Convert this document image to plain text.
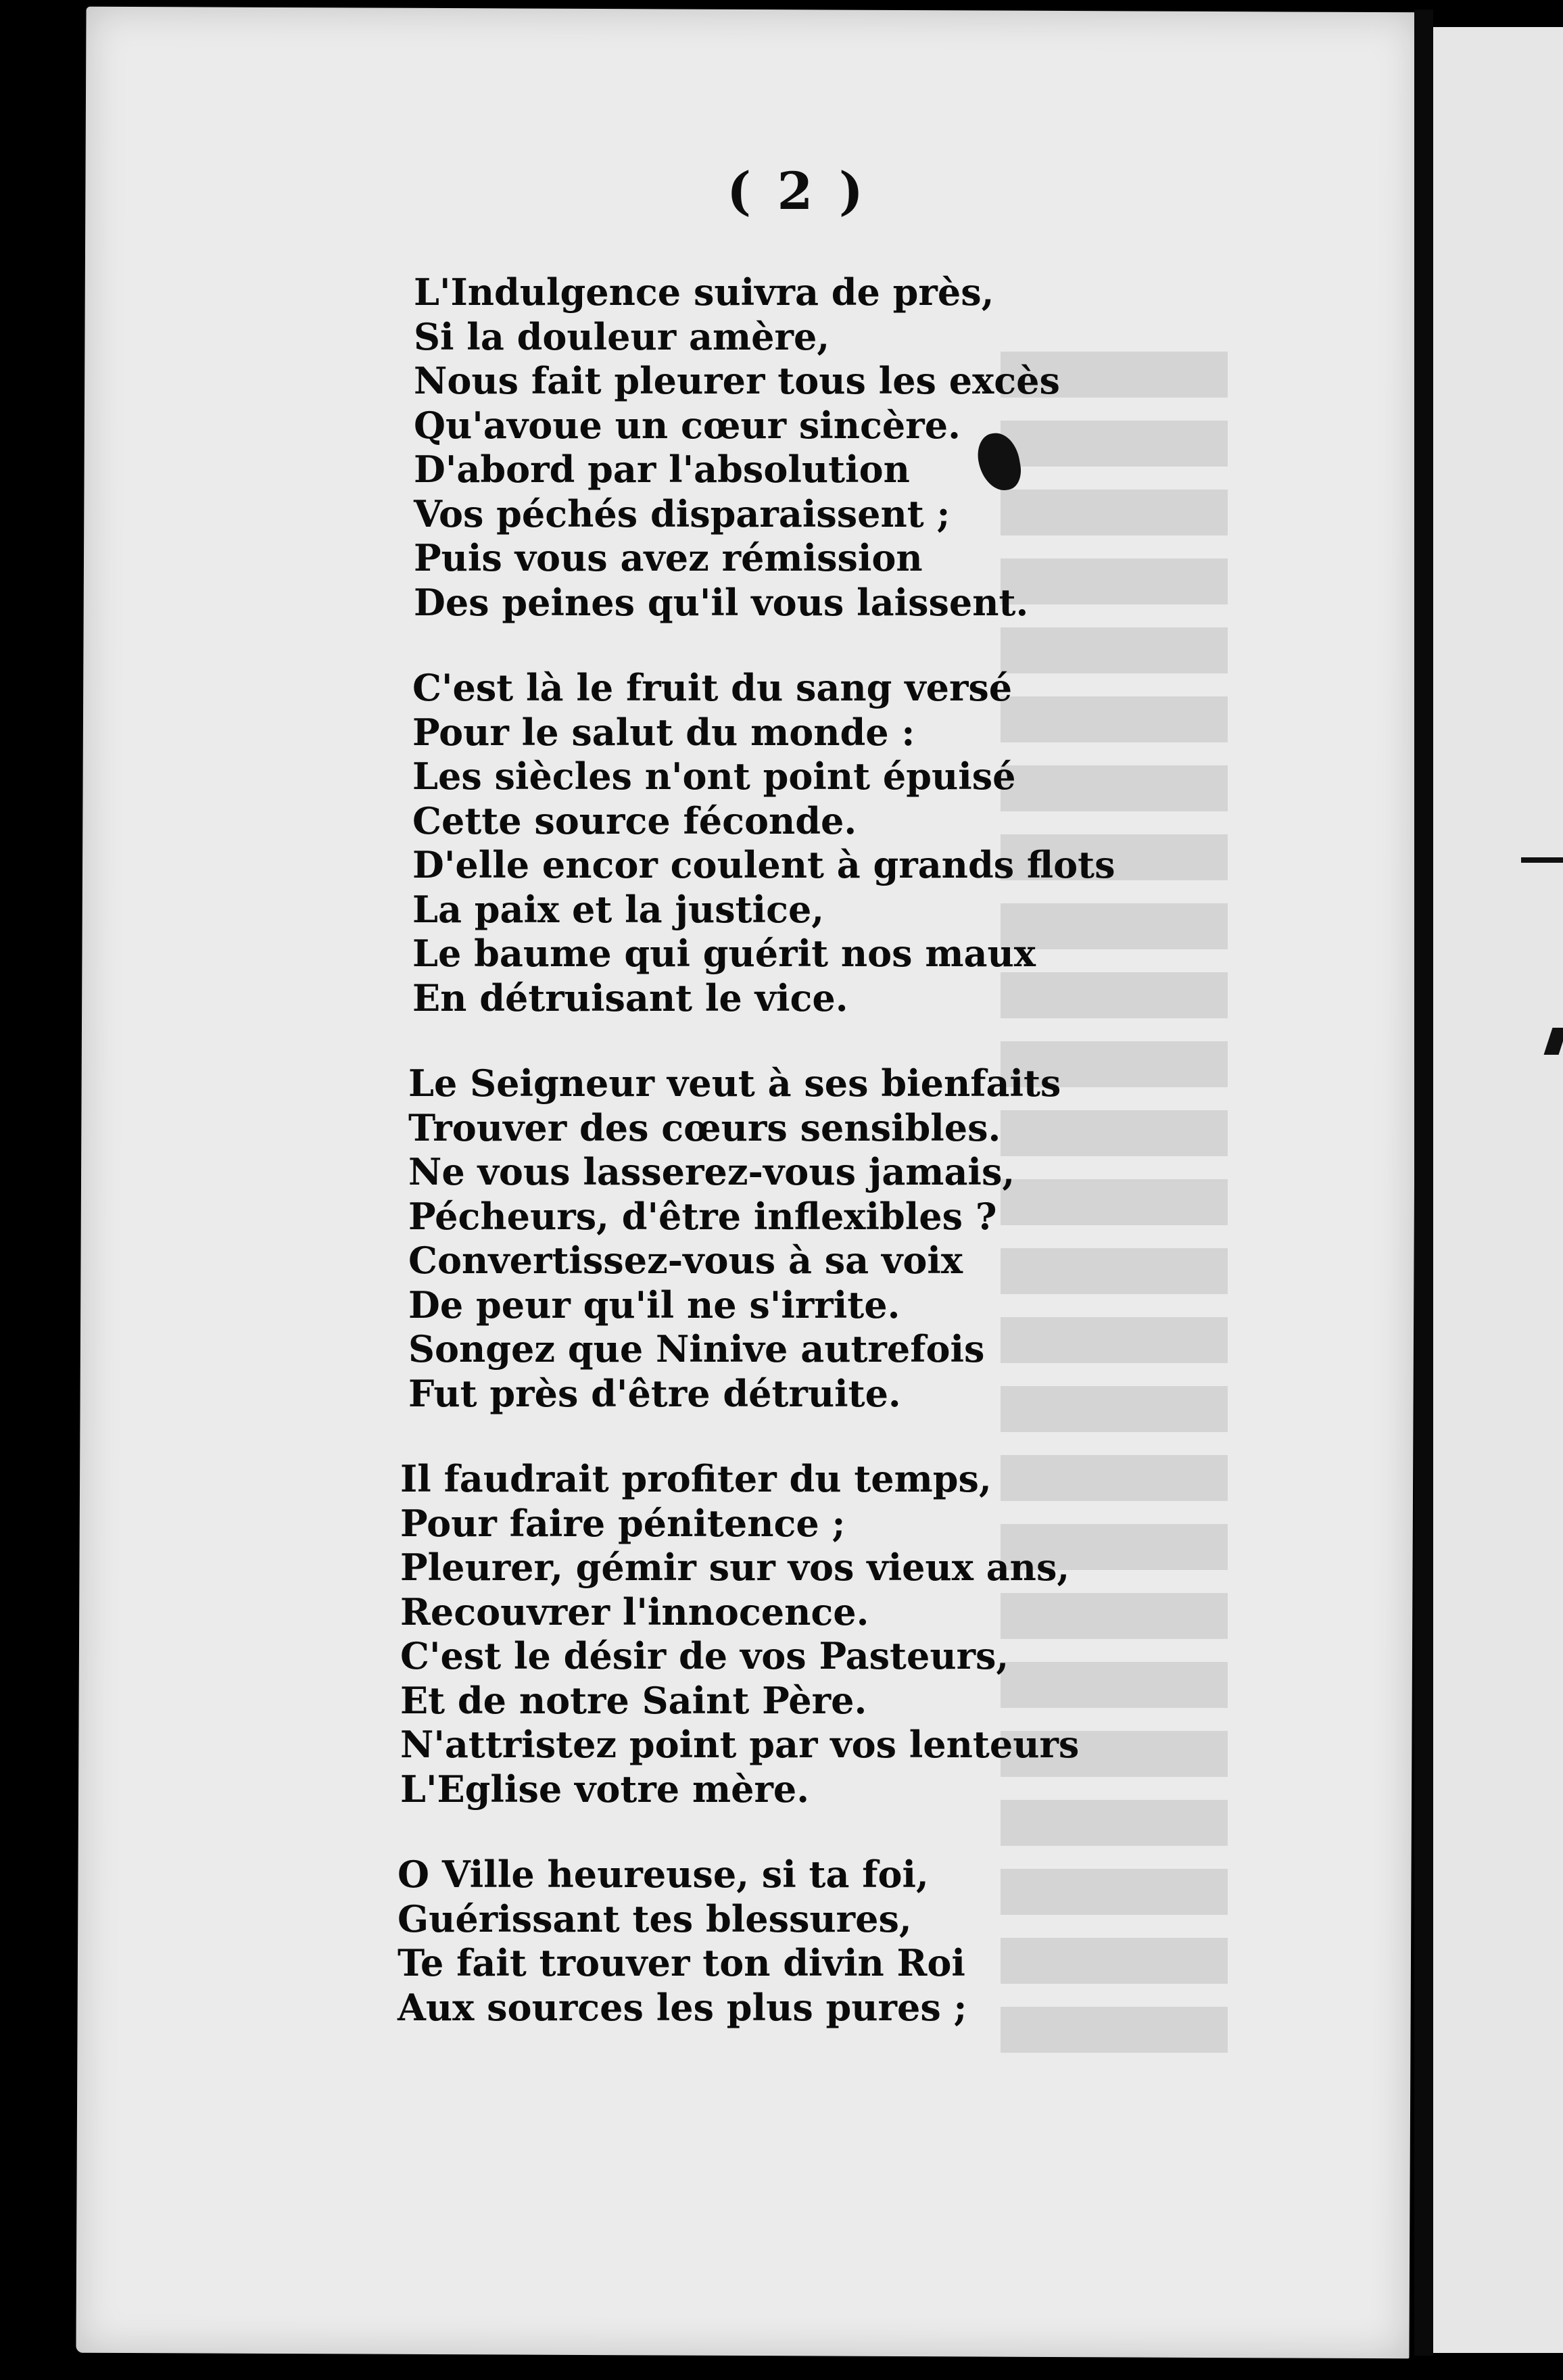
( 2 )
L'Indulgence suivra de près,
Si la douleur amère,
Nous fait pleurer tous les excès
Qu'avoue un cœur sincère.
D'abord par l'absolution
Vos péchés disparaissent ;
Puis vous avez rémission
Des peines qu'il vous laissent.
C'est là le fruit du sang versé
Pour le salut du monde :
Les siècles n'ont point épuisé
Cette source féconde.
D'elle encor coulent à grands flots
La paix et la justice,
Le baume qui guérit nos maux
En détruisant le vice.
Le Seigneur veut à ses bienfaits
Trouver des cœurs sensibles.
Ne vous lasserez-vous jamais,
Pécheurs, d'être inflexibles ?
Convertissez-vous à sa voix
De peur qu'il ne s'irrite.
Songez que Ninive autrefois
Fut près d'être détruite.
Il faudrait profiter du temps,
Pour faire pénitence ;
Pleurer, gémir sur vos vieux ans,
Recouvrer l'innocence.
C'est le désir de vos Pasteurs,
Et de notre Saint Père.
N'attristez point par vos lenteurs
L'Eglise votre mère.
O Ville heureuse, si ta foi,
Guérissant tes blessures,
Te fait trouver ton divin Roi
Aux sources les plus pures ;
